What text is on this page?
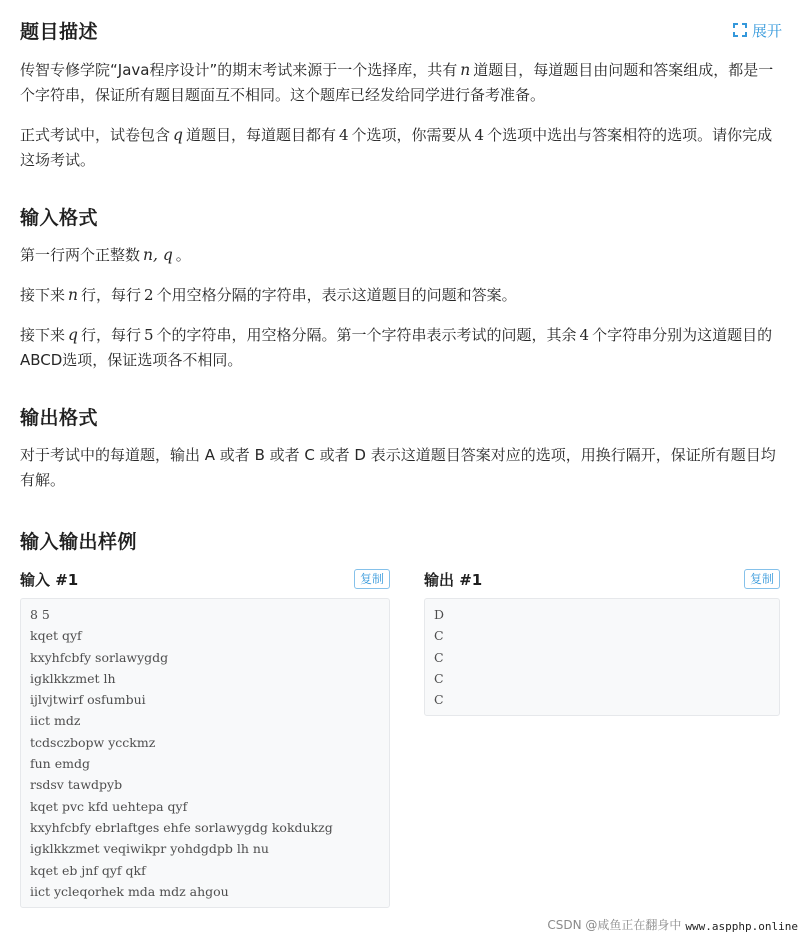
题目描述	展开

传智专修学院“Java程序设计”的期末考试来源于一个选择库，共有 n 道题目，每道题目由问题和答案组成，都是一个字符串，保证所有题目题面互不相同。这个题库已经发给同学进行备考准备。

正式考试中，试卷包含 q 道题目，每道题目都有 4 个选项，你需要从 4 个选项中选出与答案相符的选项。请你完成这场考试。

输入格式

第一行两个正整数 n, q 。

接下来 n 行，每行 2 个用空格分隔的字符串，表示这道题目的问题和答案。

接下来 q 行，每行 5 个的字符串，用空格分隔。第一个字符串表示考试的问题，其余 4 个字符串分别为这道题目的ABCD选项，保证选项各不相同。

输出格式

对于考试中的每道题，输出 A 或者 B 或者 C 或者 D 表示这道题目答案对应的选项，用换行隔开，保证所有题目均有解。

输入输出样例
输入 #1	复制
8 5
kqet qyf
kxyhfcbfy sorlawygdg
igklkkzmet lh
ijlvjtwirf osfumbui
iict mdz
tcdsczbopw ycckmz
fun emdg
rsdsv tawdpyb
kqet pvc kfd uehtepa qyf
kxyhfcbfy ebrlaftges ehfe sorlawygdg kokdukzg
igklkkzmet veqiwikpr yohdgdpb lh nu
kqet eb jnf qyf qkf
iict ycleqorhek mda mdz ahgou
输出 #1	复制
D
C
C
C
C
CSDN @咸鱼正在翻身中 www.aspphp.online
